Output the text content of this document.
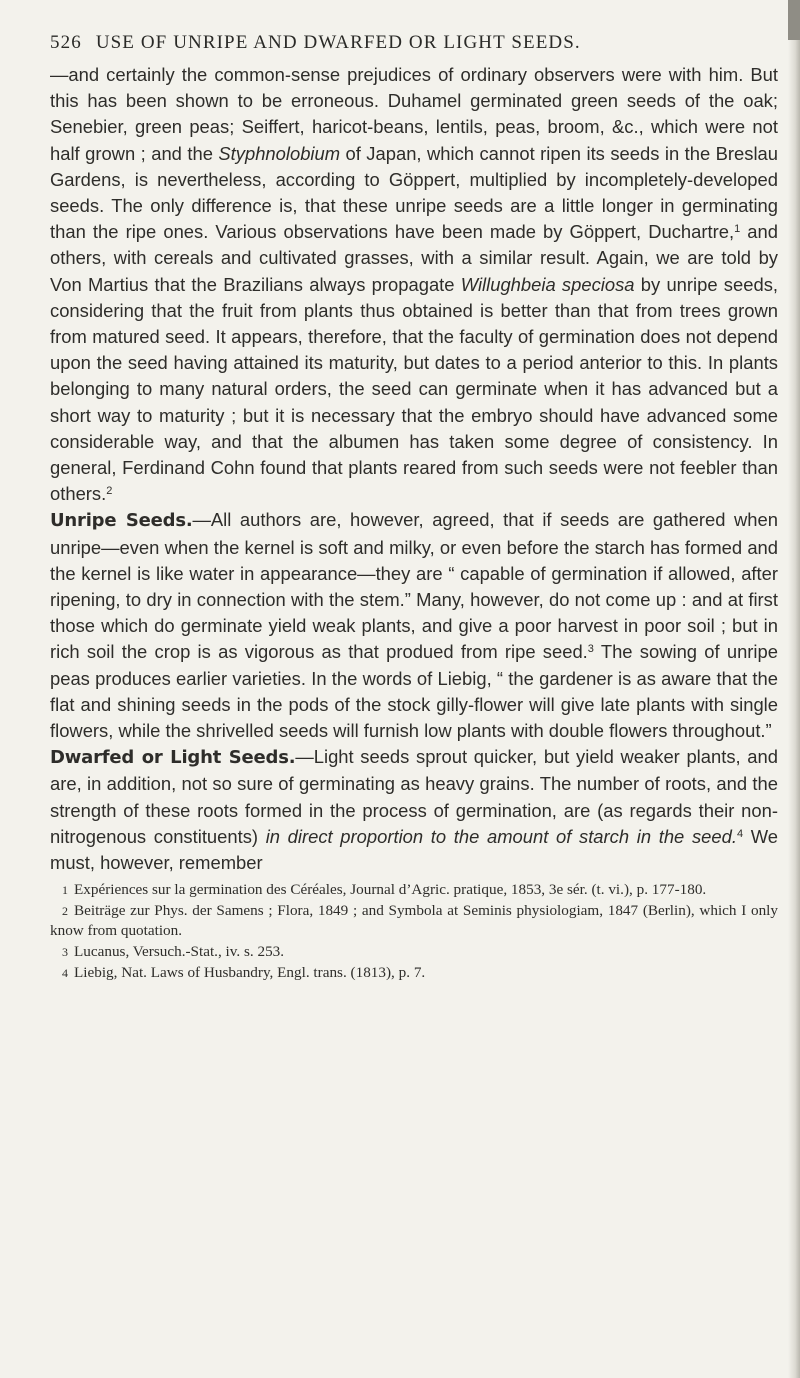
526 USE OF UNRIPE AND DWARFED OR LIGHT SEEDS.

—and certainly the common-sense prejudices of ordinary observers were with him. But this has been shown to be erroneous. Duhamel germinated green seeds of the oak; Senebier, green peas; Seiffert, haricot-beans, lentils, peas, broom, &c., which were not half grown ; and the Styphnolobium of Japan, which cannot ripen its seeds in the Breslau Gardens, is nevertheless, according to Göppert, multiplied by incompletely-developed seeds. The only difference is, that these unripe seeds are a little longer in germinating than the ripe ones. Various observations have been made by Göppert, Duchartre,$^1$ and others, with cereals and cultivated grasses, with a similar result. Again, we are told by Von Martius that the Brazilians always propagate Willughbeia speciosa by unripe seeds, considering that the fruit from plants thus obtained is better than that from trees grown from matured seed. It appears, therefore, that the faculty of germination does not depend upon the seed having attained its maturity, but dates to a period anterior to this. In plants belonging to many natural orders, the seed can germinate when it has advanced but a short way to maturity ; but it is necessary that the embryo should have advanced some considerable way, and that the albumen has taken some degree of consistency. In general, Ferdinand Cohn found that plants reared from such seeds were not feebler than others.$^2$

Unripe Seeds.—All authors are, however, agreed, that if seeds are gathered when unripe—even when the kernel is soft and milky, or even before the starch has formed and the kernel is like water in appearance—they are “ capable of germination if allowed, after ripening, to dry in connection with the stem.” Many, however, do not come up : and at first those which do germinate yield weak plants, and give a poor harvest in poor soil ; but in rich soil the crop is as vigorous as that produed from ripe seed.$^3$ The sowing of unripe peas produces earlier varieties. In the words of Liebig, “ the gardener is as aware that the flat and shining seeds in the pods of the stock gilly-flower will give late plants with single flowers, while the shrivelled seeds will furnish low plants with double flowers throughout.”

Dwarfed or Light Seeds.—Light seeds sprout quicker, but yield weaker plants, and are, in addition, not so sure of germinating as heavy grains. The number of roots, and the strength of these roots formed in the process of germination, are (as regards their non-nitrogenous constituents) in direct proportion to the amount of starch in the seed.$^4$ We must, however, remember

1 Expériences sur la germination des Céréales, Journal d’Agric. pratique, 1853, 3e sér. (t. vi.), p. 177-180.

2 Beiträge zur Phys. der Samens ; Flora, 1849 ; and Symbola at Seminis physiologiam, 1847 (Berlin), which I only know from quotation.

3 Lucanus, Versuch.-Stat., iv. s. 253.

4 Liebig, Nat. Laws of Husbandry, Engl. trans. (1813), p. 7.
